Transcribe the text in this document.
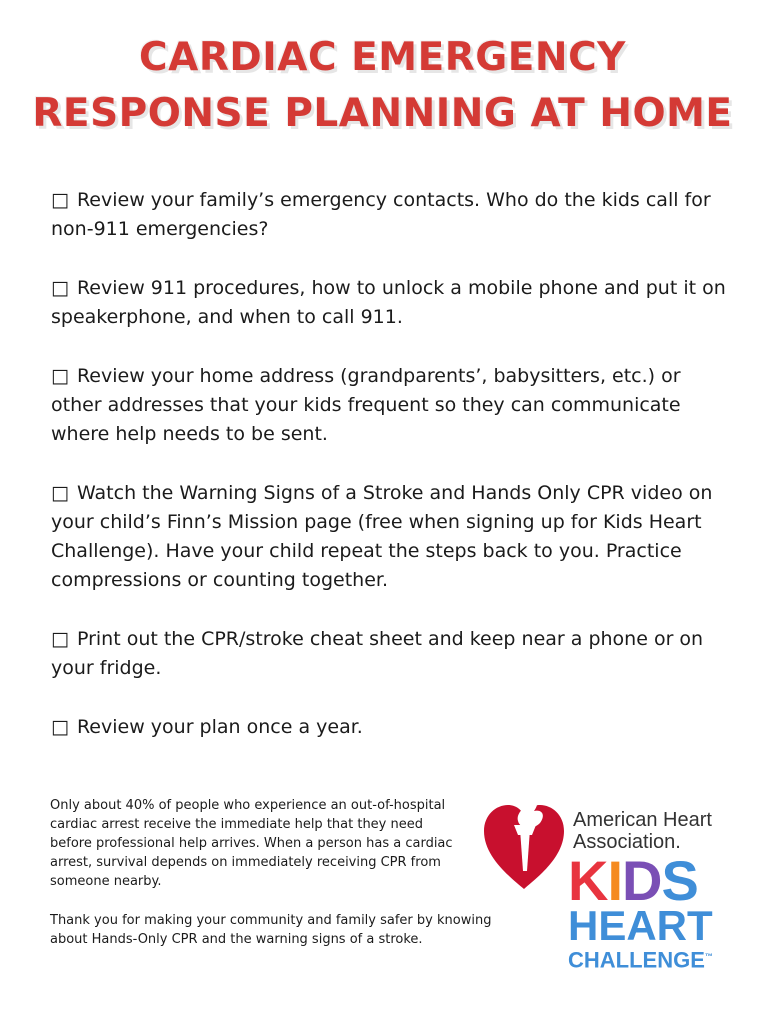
CARDIAC EMERGENCY
RESPONSE PLANNING AT HOME
□ Review your family’s emergency contacts. Who do the kids call for non-911 emergencies?
□ Review 911 procedures, how to unlock a mobile phone and put it on speakerphone, and when to call 911.
□ Review your home address (grandparents’, babysitters, etc.) or other addresses that your kids frequent so they can communicate where help needs to be sent.
□ Watch the Warning Signs of a Stroke and Hands Only CPR video on your child’s Finn’s Mission page (free when signing up for Kids Heart Challenge). Have your child repeat the steps back to you. Practice compressions or counting together.
□ Print out the CPR/stroke cheat sheet and keep near a phone or on your fridge.
□ Review your plan once a year.

Only about 40% of people who experience an out-of-hospital cardiac arrest receive the immediate help that they need before professional help arrives. When a person has a cardiac arrest, survival depends on immediately receiving CPR from someone nearby.

Thank you for making your community and family safer by knowing about Hands-Only CPR and the warning signs of a stroke.

American Heart
Association.
KIDS
HEART
CHALLENGE™
